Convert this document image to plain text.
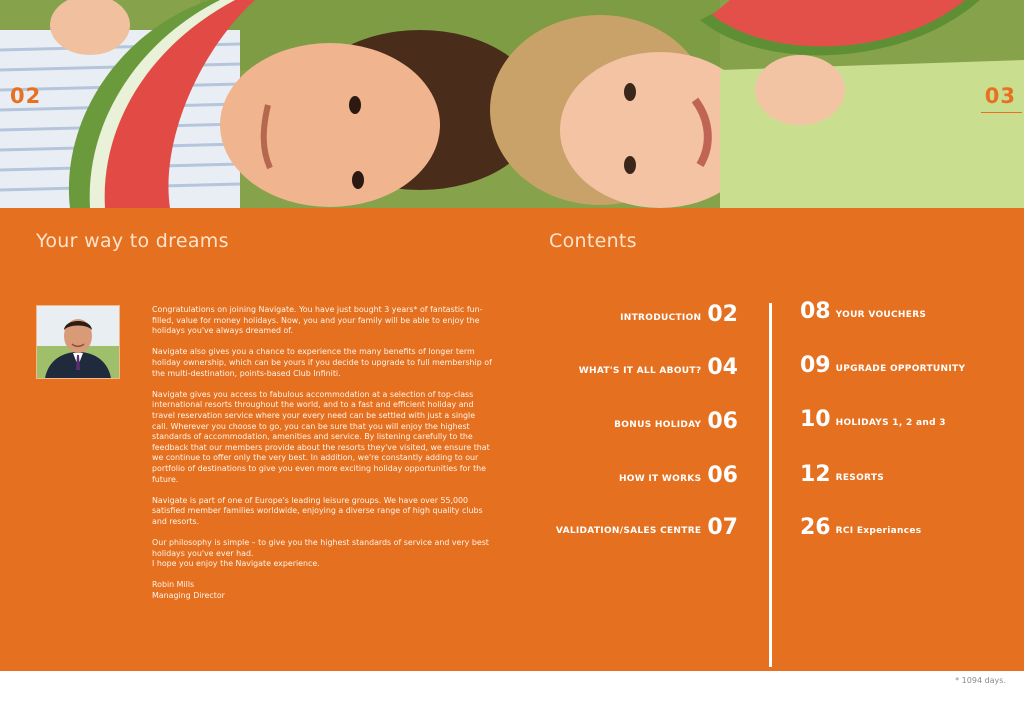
02	03
Your way to dreams	Contents

Congratulations on joining Navigate. You have just bought 3 years* of fantastic fun-filled, value for money holidays. Now, you and your family will be able to enjoy the holidays you've always dreamed of.

Navigate also gives you a chance to experience the many benefits of longer term holiday ownership, which can be yours if you decide to upgrade to full membership of the multi-destination, points-based Club Infiniti.

Navigate gives you access to fabulous accommodation at a selection of top-class international resorts throughout the world, and to a fast and efficient holiday and travel reservation service where your every need can be settled with just a single call. Wherever you choose to go, you can be sure that you will enjoy the highest standards of accommodation, amenities and service. By listening carefully to the feedback that our members provide about the resorts they've visited, we ensure that we continue to offer only the very best. In addition, we're constantly adding to our portfolio of destinations to give you even more exciting holiday opportunities for the future.

Navigate is part of one of Europe's leading leisure groups. We have over 55,000 satisfied member families worldwide, enjoying a diverse range of high quality clubs and resorts.

Our philosophy is simple – to give you the highest standards of service and very best holidays you've ever had.

I hope you enjoy the Navigate experience.

Robin Mills

Managing Director

INTRODUCTION 02
WHAT'S IT ALL ABOUT? 04
BONUS HOLIDAY 06
HOW IT WORKS 06
VALIDATION/SALES CENTRE 07
08 YOUR VOUCHERS
09 UPGRADE OPPORTUNITY
10 HOLIDAYS 1, 2 and 3
12 RESORTS
26 RCI Experiances
* 1094 days.
